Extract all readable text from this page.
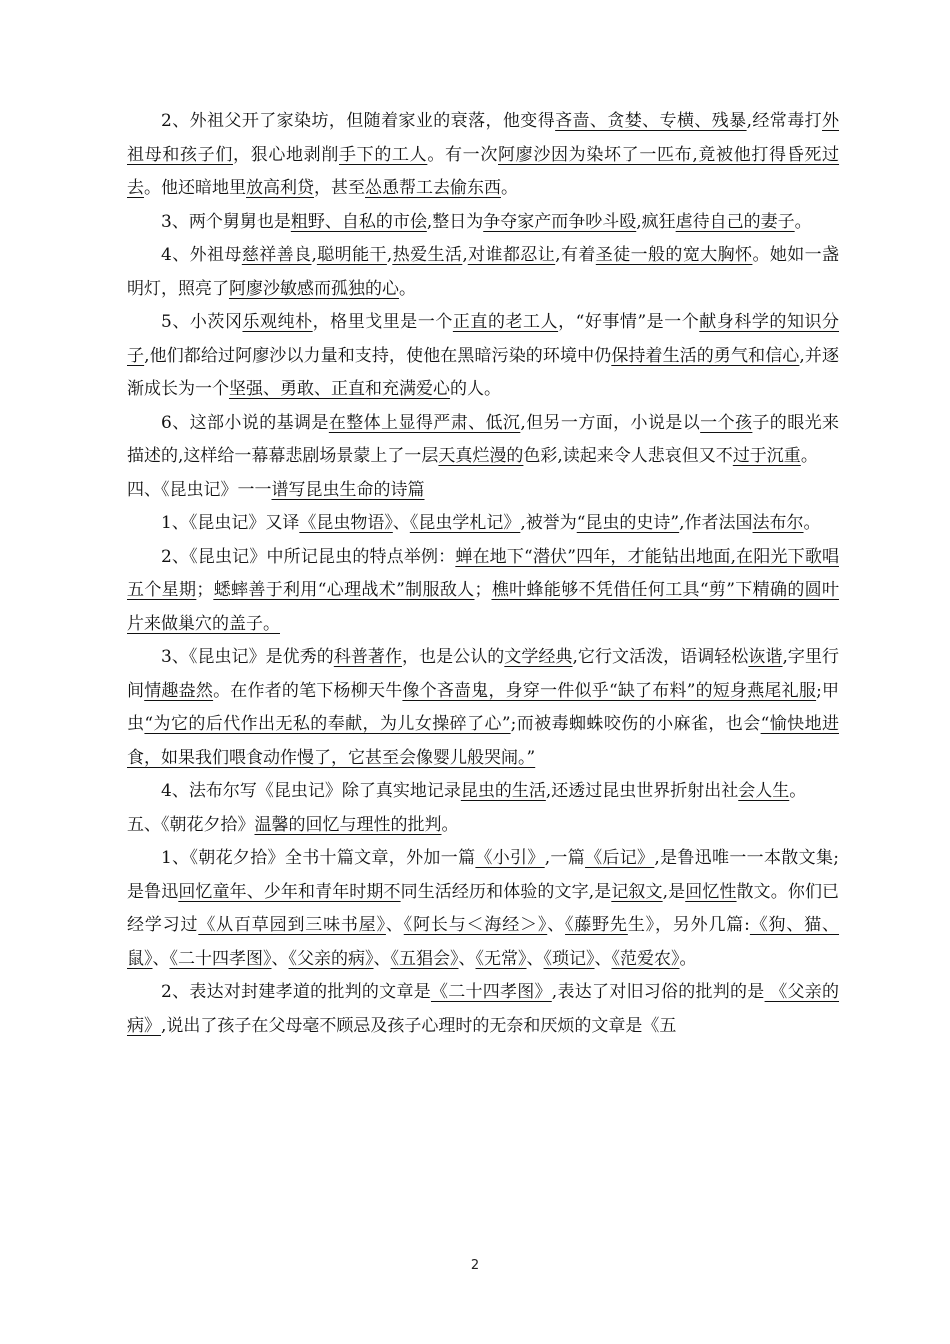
2、外祖父开了家染坊，但随着家业的衰落，他变得吝啬、贪婪、专横、残暴,经常毒打外祖母和孩子们，狠心地剥削手下的工人。有一次阿廖沙因为染坏了一匹布,竟被他打得昏死过去。他还暗地里放高利贷，甚至怂恿帮工去偷东西。

3、两个舅舅也是粗野、自私的市侩,整日为争夺家产而争吵斗殴,疯狂虐待自己的妻子。

4、外祖母慈祥善良,聪明能干,热爱生活,对谁都忍让,有着圣徒一般的宽大胸怀。她如一盏明灯，照亮了阿廖沙敏感而孤独的心。

5、小茨冈乐观纯朴，格里戈里是一个正直的老工人，“好事情”是一个献身科学的知识分子,他们都给过阿廖沙以力量和支持，使他在黑暗污染的环境中仍保持着生活的勇气和信心,并逐渐成长为一个坚强、勇敢、正直和充满爱心的人。

6、这部小说的基调是在整体上显得严肃、低沉,但另一方面，小说是以一个孩子的眼光来描述的,这样给一幕幕悲剧场景蒙上了一层天真烂漫的色彩,读起来令人悲哀但又不过于沉重。

四、《昆虫记》一一谱写昆虫生命的诗篇

1、《昆虫记》又译《昆虫物语》、《昆虫学札记》,被誉为“昆虫的史诗”,作者法国法布尔。

2、《昆虫记》中所记昆虫的特点举例：蝉在地下“潜伏”四年，才能钻出地面,在阳光下歌唱五个星期；蟋蟀善于利用“心理战术”制服敌人；樵叶蜂能够不凭借任何工具“剪”下精确的圆叶片来做巢穴的盖子。

3、《昆虫记》是优秀的科普著作，也是公认的文学经典,它行文活泼，语调轻松诙谐,字里行间情趣盎然。在作者的笔下杨柳天牛像个吝啬鬼，身穿一件似乎“缺了布料”的短身燕尾礼服;甲虫“为它的后代作出无私的奉献，为儿女操碎了心”;而被毒蜘蛛咬伤的小麻雀，也会“愉快地进食，如果我们喂食动作慢了，它甚至会像婴儿般哭闹。”

4、法布尔写《昆虫记》除了真实地记录昆虫的生活,还透过昆虫世界折射出社会人生。

五、《朝花夕拾》温馨的回忆与理性的批判。

1、《朝花夕拾》全书十篇文章，外加一篇《小引》,一篇《后记》,是鲁迅唯一一本散文集;是鲁迅回忆童年、少年和青年时期不同生活经历和体验的文字,是记叙文,是回忆性散文。你们已经学习过《从百草园到三味书屋》、《阿长与＜海经＞》、《藤野先生》，另外几篇:《狗、猫、鼠》、《二十四孝图》、《父亲的病》、《五猖会》、《无常》、《琐记》、《范爱农》。

2、表达对封建孝道的批判的文章是《二十四孝图》,表达了对旧习俗的批判的是 《父亲的病》,说出了孩子在父母毫不顾忌及孩子心理时的无奈和厌烦的文章是《五

2
